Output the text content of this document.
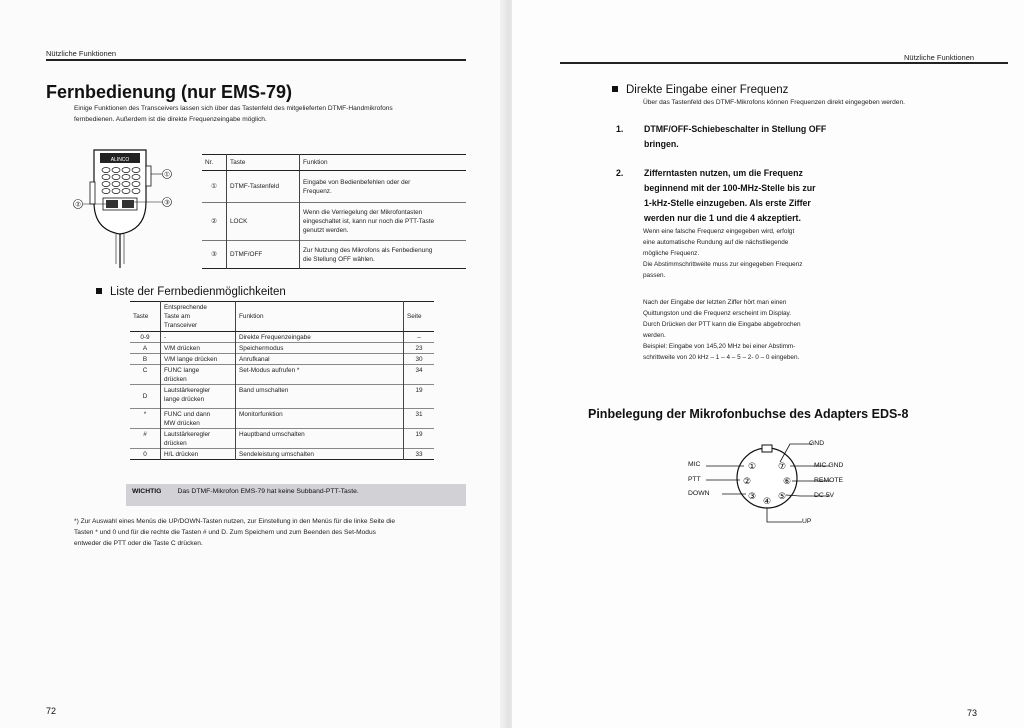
Nützliche Funktionen
Fernbedienung (nur EMS-79)
Einige Funktionen des Transceivers lassen sich über das Tastenfeld des mitgelieferten DTMF-Handmikrofons
fernbedienen. Außerdem ist die direkte Frequenzeingabe möglich.
ALINCO
①
②	③
Nr.	Taste	Funktion
①	DTMF-Tastenfeld	Eingabe von Bedienbefehlen oder der
Frequenz.

②	LOCK	Wenn die Verriegelung der Mikrofontasten
eingeschaltet ist, kann nur noch die PTT-Taste
genutzt werden.

③	DTMF/OFF	Zur Nutzung des Mikrofons als Fenbedienung
die Stellung OFF wählen.
Liste der Fernbedienmöglichkeiten
Taste	Entsprechende
Taste am
Transceiver	Funktion	Seite
0-9	-	Direkte Frequenzeingabe	–
A	V/M drücken	Speichermodus	23
B	V/M lange drücken	Anrufkanal	30
C	FUNC lange
drücken	Set-Modus aufrufen *	34
D	Lautstärkeregler
lange drücken	Band umschalten	19
*	FUNC und dann
MW drücken	Monitorfunktion	31
#	Lautstärkeregler
drücken	Hauptband umschalten	19
0	H/L drücken	Sendeleistung umschalten	33
WICHTIG Das DTMF-Mikrofon EMS-79 hat keine Subband-PTT-Taste.
*) Zur Auswahl eines Menüs die UP/DOWN-Tasten nutzen, zur Einstellung in den Menüs für die linke Seite die
Tasten * und 0 und für die rechte die Tasten # und D. Zum Speichern und zum Beenden des Set-Modus
entweder die PTT oder die Taste C drücken.
72
Nützliche Funktionen
Direkte Eingabe einer Frequenz
Über das Tastenfeld des DTMF-Mikrofons können Frequenzen direkt eingegeben werden.
1. DTMF/OFF-Schiebeschalter in Stellung OFF
bringen.
2. Zifferntasten nutzen, um die Frequenz
beginnend mit der 100-MHz-Stelle bis zur
1-kHz-Stelle einzugeben. Als erste Ziffer
werden nur die 1 und die 4 akzeptiert.
Wenn eine falsche Frequenz eingegeben wird, erfolgt
eine automatische Rundung auf die nächstliegende
mögliche Frequenz.
Die Abstimmschrittweite muss zur eingegeben Frequenz
passen.
Nach der Eingabe der letzten Ziffer hört man einen
Quittungston und die Frequenz erscheint im Display.
Durch Drücken der PTT kann die Eingabe abgebrochen
werden.
Beispiel: Eingabe von 145,20 MHz bei einer Abstimm-
schrittweite von 20 kHz – 1 – 4 – 5 – 2- 0 – 0 eingeben.
Pinbelegung der Mikrofonbuchse des Adapters EDS-8
①
②
③ ④ ⑤
⑥
⑦
GND
MIC	MIC GND
PTT	REMOTE
DOWN	DC 5V
UP
73
